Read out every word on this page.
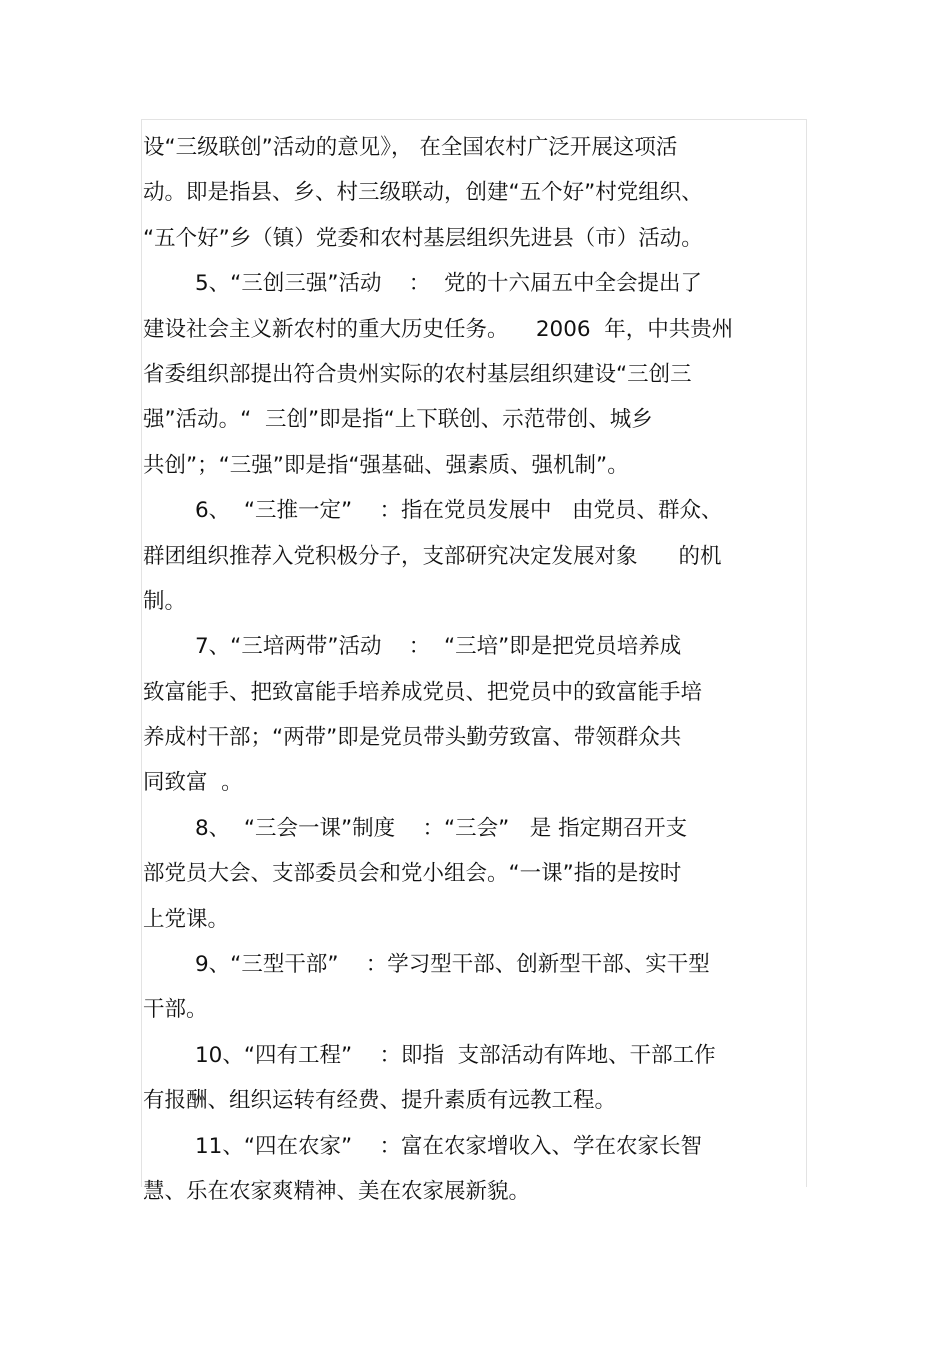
设“三级联创”活动的意见》， 在全国农村广泛开展这项活
动。即是指县、乡、村三级联动，创建“五个好”村党组织、
“五个好”乡（镇）党委和农村基层组织先进县（市）活动。
5、“三创三强”活动    ：  党的十六届五中全会提出了
建设社会主义新农村的重大历史任务。    2006  年，中共贵州
省委组织部提出符合贵州实际的农村基层组织建设“三创三
强”活动。“  三创”即是指“上下联创、示范带创、城乡
共创”；“三强”即是指“强基础、强素质、强机制”。
6、  “三推一定”    ：指在党员发展中   由党员、群众、
群团组织推荐入党积极分子，支部研究决定发展对象      的机
制。
7、“三培两带”活动    ：  “三培”即是把党员培养成
致富能手、把致富能手培养成党员、把党员中的致富能手培
养成村干部；“两带”即是党员带头勤劳致富、带领群众共
同致富  。
8、  “三会一课”制度    ：“三会”   是 指定期召开支
部党员大会、支部委员会和党小组会。“一课”指的是按时
上党课。
9、“三型干部”    ：学习型干部、创新型干部、实干型
干部。
10、“四有工程”    ：即指  支部活动有阵地、干部工作
有报酬、组织运转有经费、提升素质有远教工程。
11、“四在农家”    ：富在农家增收入、学在农家长智
慧、乐在农家爽精神、美在农家展新貌。
